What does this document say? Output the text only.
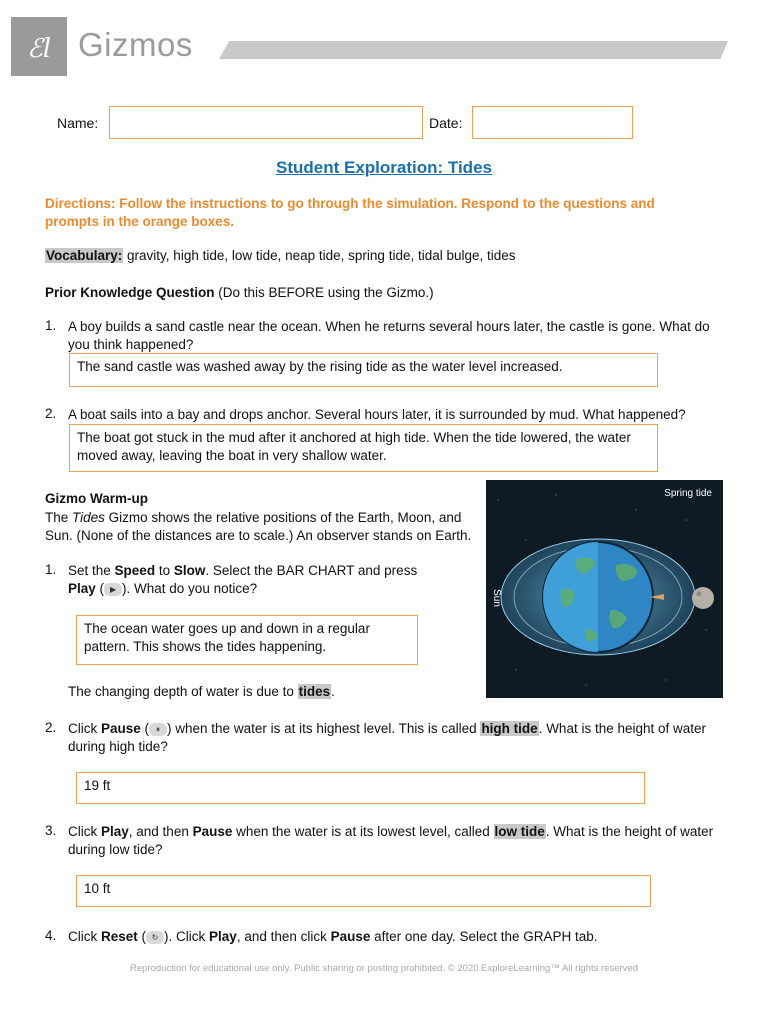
ℰl Gizmos
Name:	Date:
Student Exploration: Tides
Directions: Follow the instructions to go through the simulation. Respond to the questions and prompts in the orange boxes.
Vocabulary: gravity, high tide, low tide, neap tide, spring tide, tidal bulge, tides
Prior Knowledge Question (Do this BEFORE using the Gizmo.)
1. A boy builds a sand castle near the ocean. When he returns several hours later, the castle is gone. What do you think happened?
The sand castle was washed away by the rising tide as the water level increased.
2. A boat sails into a bay and drops anchor. Several hours later, it is surrounded by mud. What happened?
The boat got stuck in the mud after it anchored at high tide. When the tide lowered, the water moved away, leaving the boat in very shallow water.
Gizmo Warm-up
The Tides Gizmo shows the relative positions of the Earth, Moon, and Sun. (None of the distances are to scale.) An observer stands on Earth.
Spring tide
Sun
1. Set the Speed to Slow. Select the BAR CHART and press
Play ( ▶ ). What do you notice?
The ocean water goes up and down in a regular pattern. This shows the tides happening.
The changing depth of water is due to tides.
2. Click Pause ( ⏸ ) when the water is at its highest level. This is called high tide. What is the height of water during high tide?
19 ft
3. Click Play, and then Pause when the water is at its lowest level, called low tide. What is the height of water during low tide?
10 ft
4. Click Reset ( ↻ ). Click Play, and then click Pause after one day. Select the GRAPH tab.
Reproduction for educational use only. Public sharing or posting prohibited. © 2020 ExploreLearning™ All rights reserved
